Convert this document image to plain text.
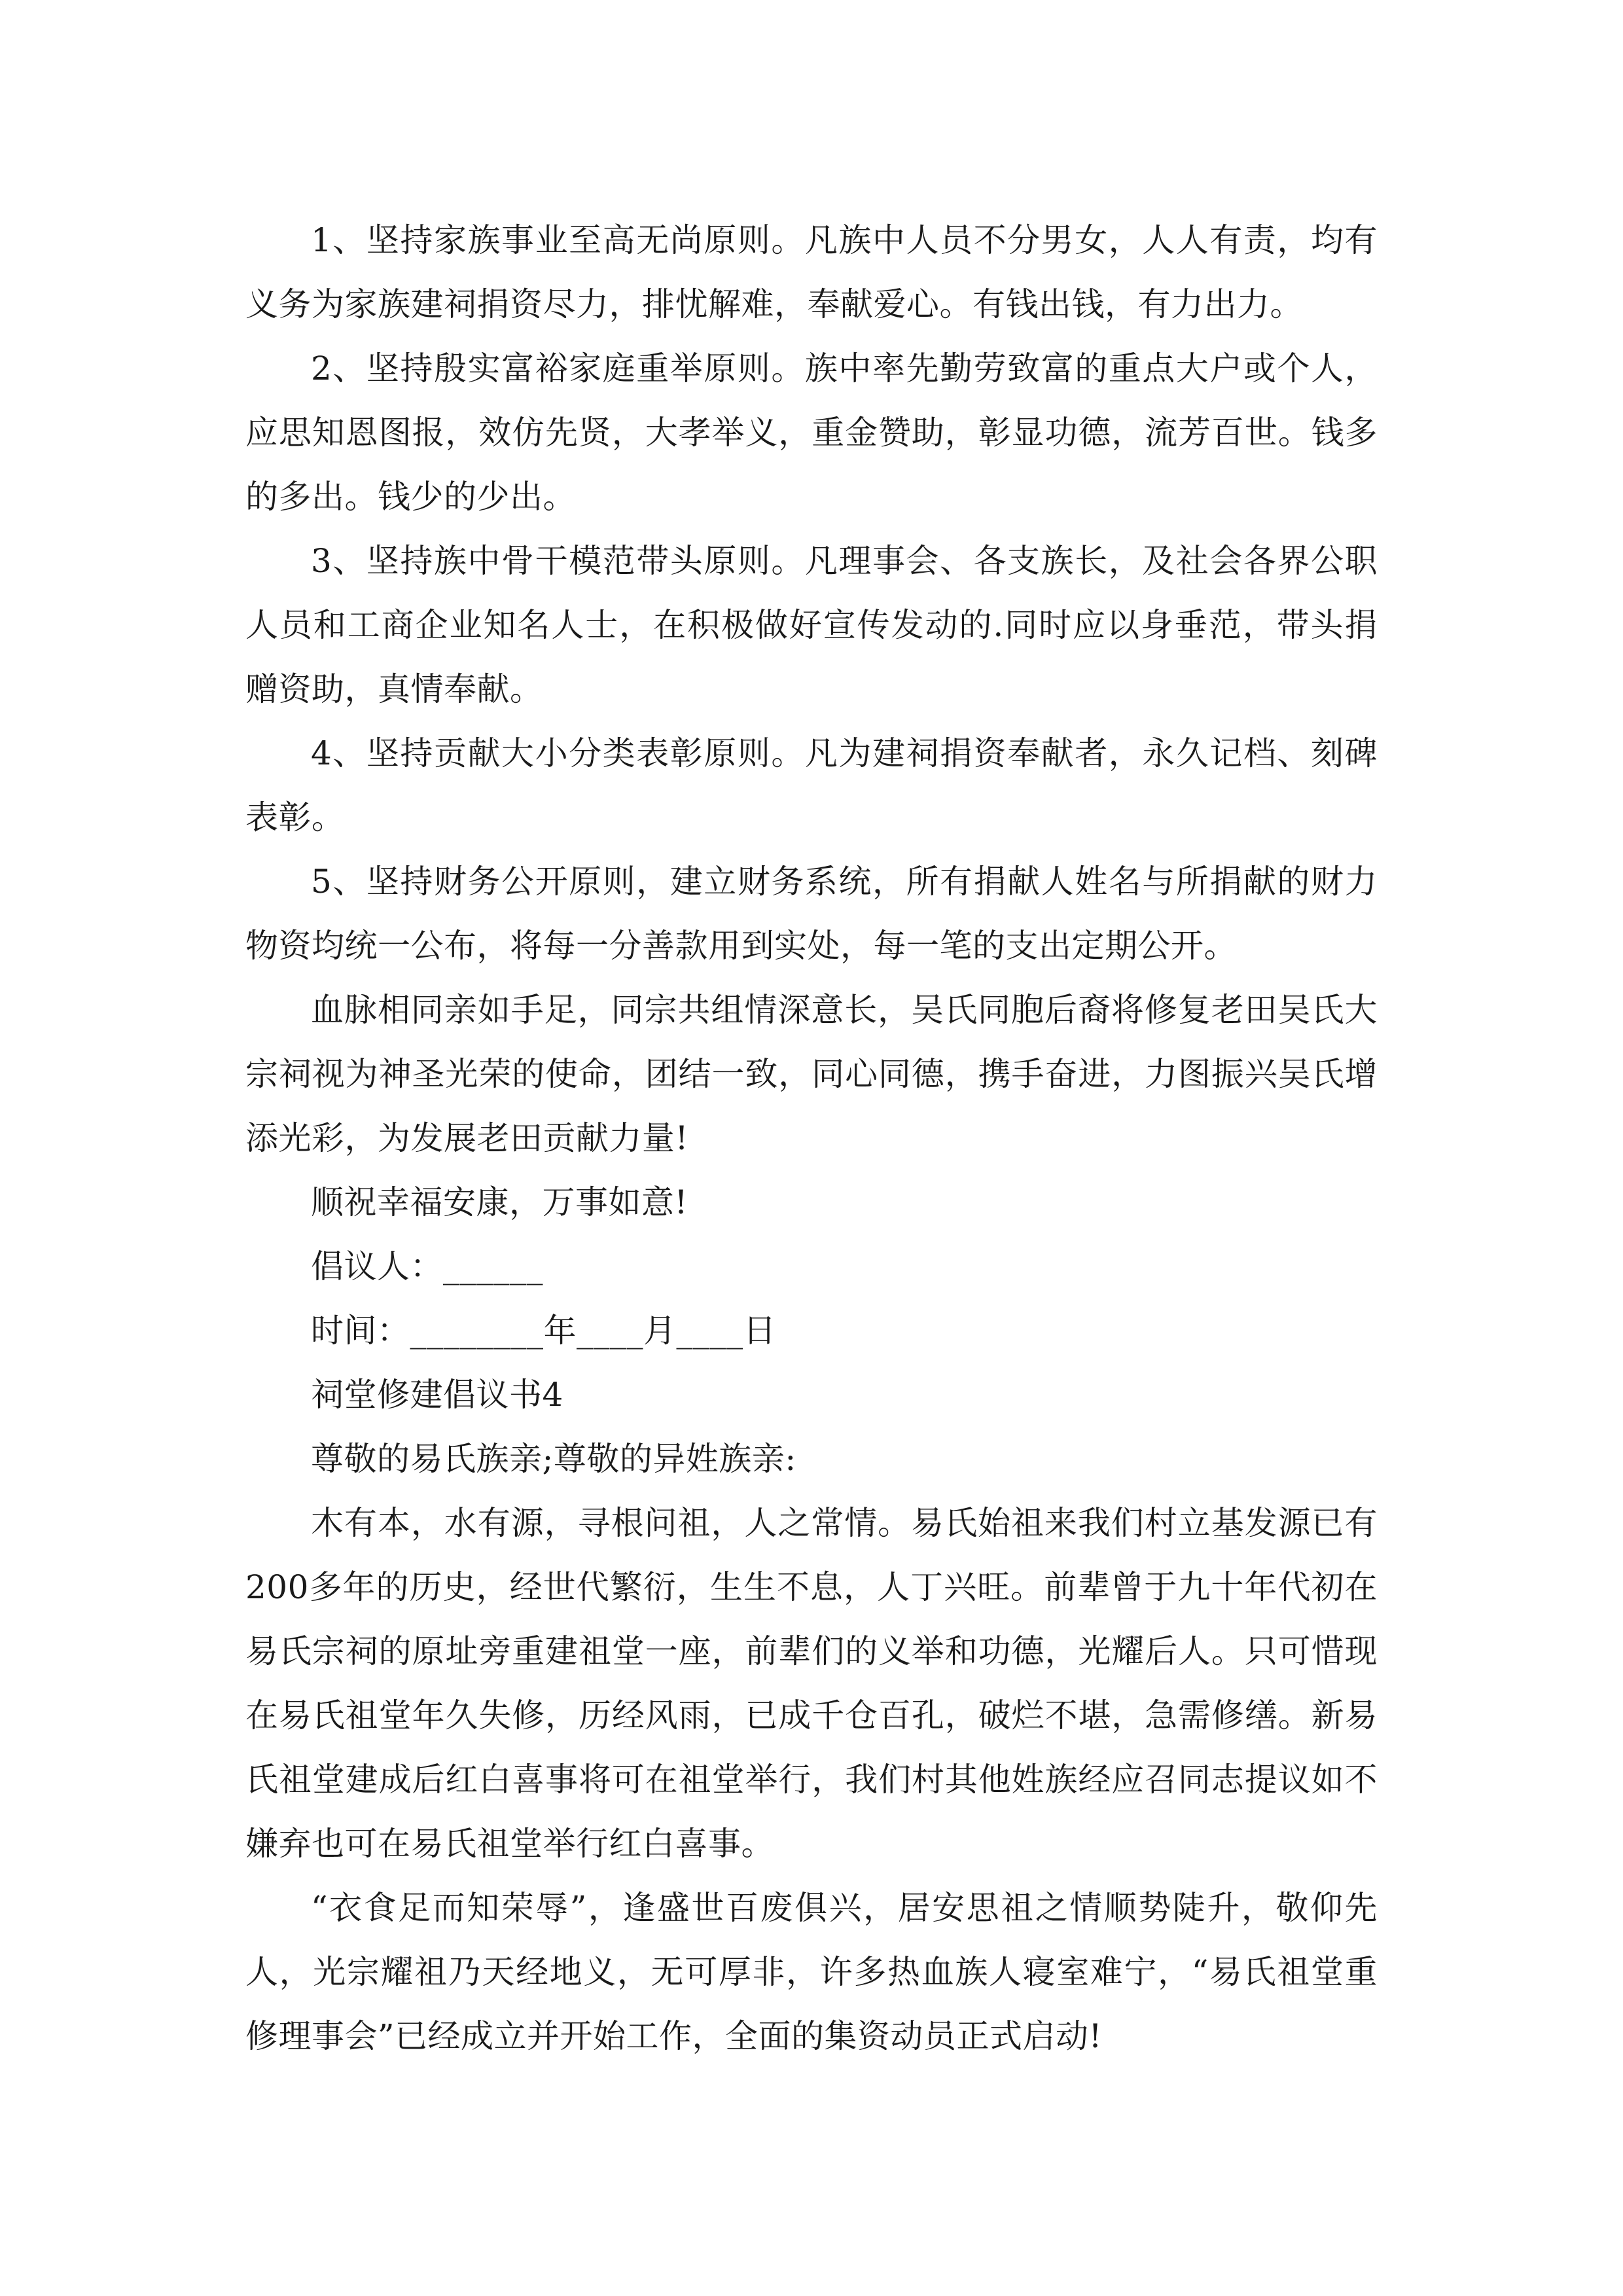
1、坚持家族事业至高无尚原则。凡族中人员不分男女，人人有责，均有义务为家族建祠捐资尽力，排忧解难，奉献爱心。有钱出钱，有力出力。

2、坚持殷实富裕家庭重举原则。族中率先勤劳致富的重点大户或个人，应思知恩图报，效仿先贤，大孝举义，重金赞助，彰显功德，流芳百世。钱多的多出。钱少的少出。

3、坚持族中骨干模范带头原则。凡理事会、各支族长，及社会各界公职人员和工商企业知名人士，在积极做好宣传发动的.同时应以身垂范，带头捐赠资助，真情奉献。

4、坚持贡献大小分类表彰原则。凡为建祠捐资奉献者，永久记档、刻碑表彰。

5、坚持财务公开原则，建立财务系统，所有捐献人姓名与所捐献的财力物资均统一公布，将每一分善款用到实处，每一笔的支出定期公开。

血脉相同亲如手足，同宗共组情深意长，吴氏同胞后裔将修复老田吴氏大宗祠视为神圣光荣的使命，团结一致，同心同德，携手奋进，力图振兴吴氏增添光彩，为发展老田贡献力量!

顺祝幸福安康，万事如意!

倡议人：______

时间：________年____月____日

祠堂修建倡议书4

尊敬的易氏族亲;尊敬的异姓族亲:

木有本，水有源，寻根问祖，人之常情。易氏始祖来我们村立基发源已有200多年的历史，经世代繁衍，生生不息，人丁兴旺。前辈曾于九十年代初在易氏宗祠的原址旁重建祖堂一座，前辈们的义举和功德，光耀后人。只可惜现在易氏祖堂年久失修，历经风雨，已成千仓百孔，破烂不堪，急需修缮。新易氏祖堂建成后红白喜事将可在祖堂举行，我们村其他姓族经应召同志提议如不嫌弃也可在易氏祖堂举行红白喜事。

“衣食足而知荣辱”，逢盛世百废俱兴，居安思祖之情顺势陡升，敬仰先人，光宗耀祖乃天经地义，无可厚非，许多热血族人寝室难宁，“易氏祖堂重修理事会”已经成立并开始工作，全面的集资动员正式启动!
